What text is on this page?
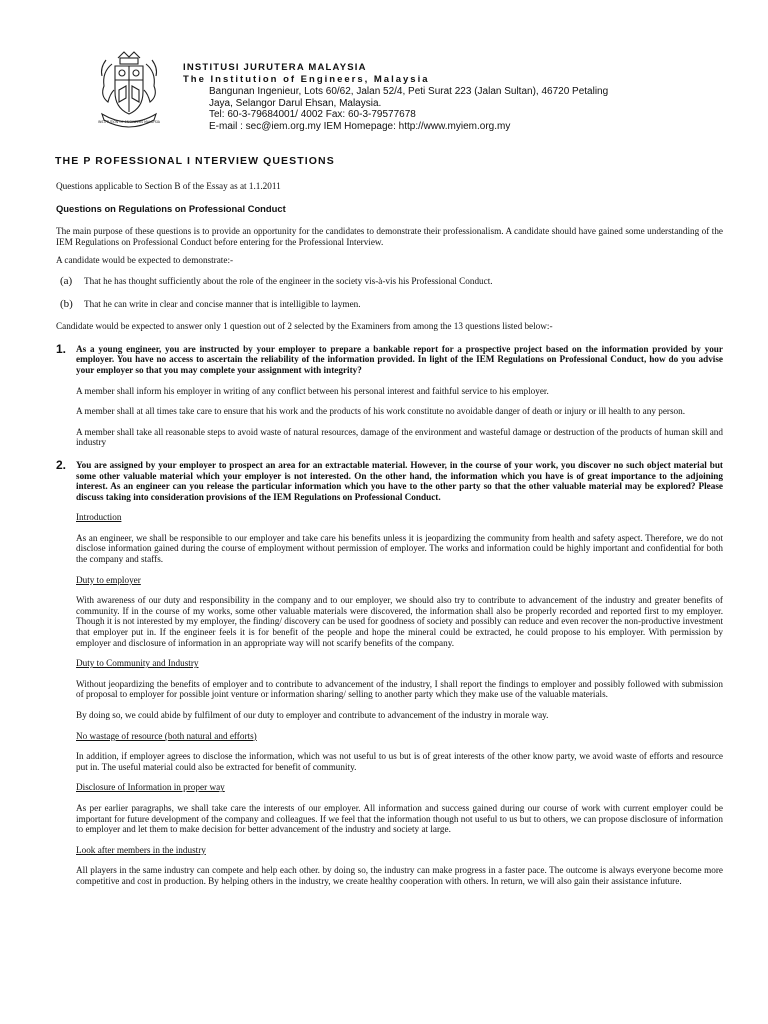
INSTITUTION OF ENGINEERS MALAYSIA
INSTITUSI JURUTERA MALAYSIA
The Institution of Engineers, Malaysia
Bangunan Ingenieur, Lots 60/62, Jalan 52/4, Peti Surat 223 (Jalan Sultan), 46720 Petaling
Jaya, Selangor Darul Ehsan, Malaysia.
Tel: 60-3-79684001/ 4002 Fax: 60-3-79577678
E-mail : sec@iem.org.my IEM Homepage: http://www.myiem.org.my
THE P ROFESSIONAL I NTERVIEW QUESTIONS

Questions applicable to Section B of the Essay as at 1.1.2011

Questions on Regulations on Professional Conduct

The main purpose of these questions is to provide an opportunity for the candidates to demonstrate their professionalism. A candidate should have gained some understanding of the IEM Regulations on Professional Conduct before entering for the Professional Interview.

A candidate would be expected to demonstrate:-

(a)	That he has thought sufficiently about the role of the engineer in the society vis-à-vis his Professional Conduct.
(b)	That he can write in clear and concise manner that is intelligible to laymen.

Candidate would be expected to answer only 1 question out of 2 selected by the Examiners from among the 13 questions listed below:-

1.	As a young engineer, you are instructed by your employer to prepare a bankable report for a prospective project based on the information provided by your employer. You have no access to ascertain the reliability of the information provided. In light of the IEM Regulations on Professional Conduct, how do you advise your employer so that you may complete your assignment with integrity?

A member shall inform his employer in writing of any conflict between his personal interest and faithful service to his employer.

A member shall at all times take care to ensure that his work and the products of his work constitute no avoidable danger of death or injury or ill health to any person.

A member shall take all reasonable steps to avoid waste of natural resources, damage of the environment and wasteful damage or destruction of the products of human skill and industry

2.	You are assigned by your employer to prospect an area for an extractable material. However, in the course of your work, you discover no such object material but some other valuable material which your employer is not interested. On the other hand, the information which you have is of great importance to the adjoining interest. As an engineer can you release the particular information which you have to the other party so that the other valuable material may be explored? Please discuss taking into consideration provisions of the IEM Regulations on Professional Conduct.

Introduction

As an engineer, we shall be responsible to our employer and take care his benefits unless it is jeopardizing the community from health and safety aspect. Therefore, we do not disclose information gained during the course of employment without permission of employer. The works and information could be highly important and confidential for both the company and staffs.

Duty to employer

With awareness of our duty and responsibility in the company and to our employer, we should also try to contribute to advancement of the industry and greater benefits of community. If in the course of my works, some other valuable materials were discovered, the information shall also be properly recorded and reported first to my employer. Though it is not interested by my employer, the finding/ discovery can be used for goodness of society and possibly can reduce and even recover the non-productive investment that employer put in. If the engineer feels it is for benefit of the people and hope the mineral could be extracted, he could propose to his employer. With permission by employer and disclosure of information in an appropriate way will not scarify benefits of the company.

Duty to Community and Industry

Without jeopardizing the benefits of employer and to contribute to advancement of the industry, I shall report the findings to employer and possibly followed with submission of proposal to employer for possible joint venture or information sharing/ selling to another party which they make use of the valuable materials.

By doing so, we could abide by fulfilment of our duty to employer and contribute to advancement of the industry in morale way.

No wastage of resource (both natural and efforts)

In addition, if employer agrees to disclose the information, which was not useful to us but is of great interests of the other know party, we avoid waste of efforts and resource put in. The useful material could also be extracted for benefit of community.

Disclosure of Information in proper way

As per earlier paragraphs, we shall take care the interests of our employer. All information and success gained during our course of work with current employer could be important for future development of the company and colleagues. If we feel that the information though not useful to us but to others, we can propose disclosure of information to employer and let them to make decision for better advancement of the industry and society at large.

Look after members in the industry

All players in the same industry can compete and help each other. by doing so, the industry can make progress in a faster pace. The outcome is always everyone become more competitive and cost in production. By helping others in the industry, we create healthy cooperation with others. In return, we will also gain their assistance infuture.
